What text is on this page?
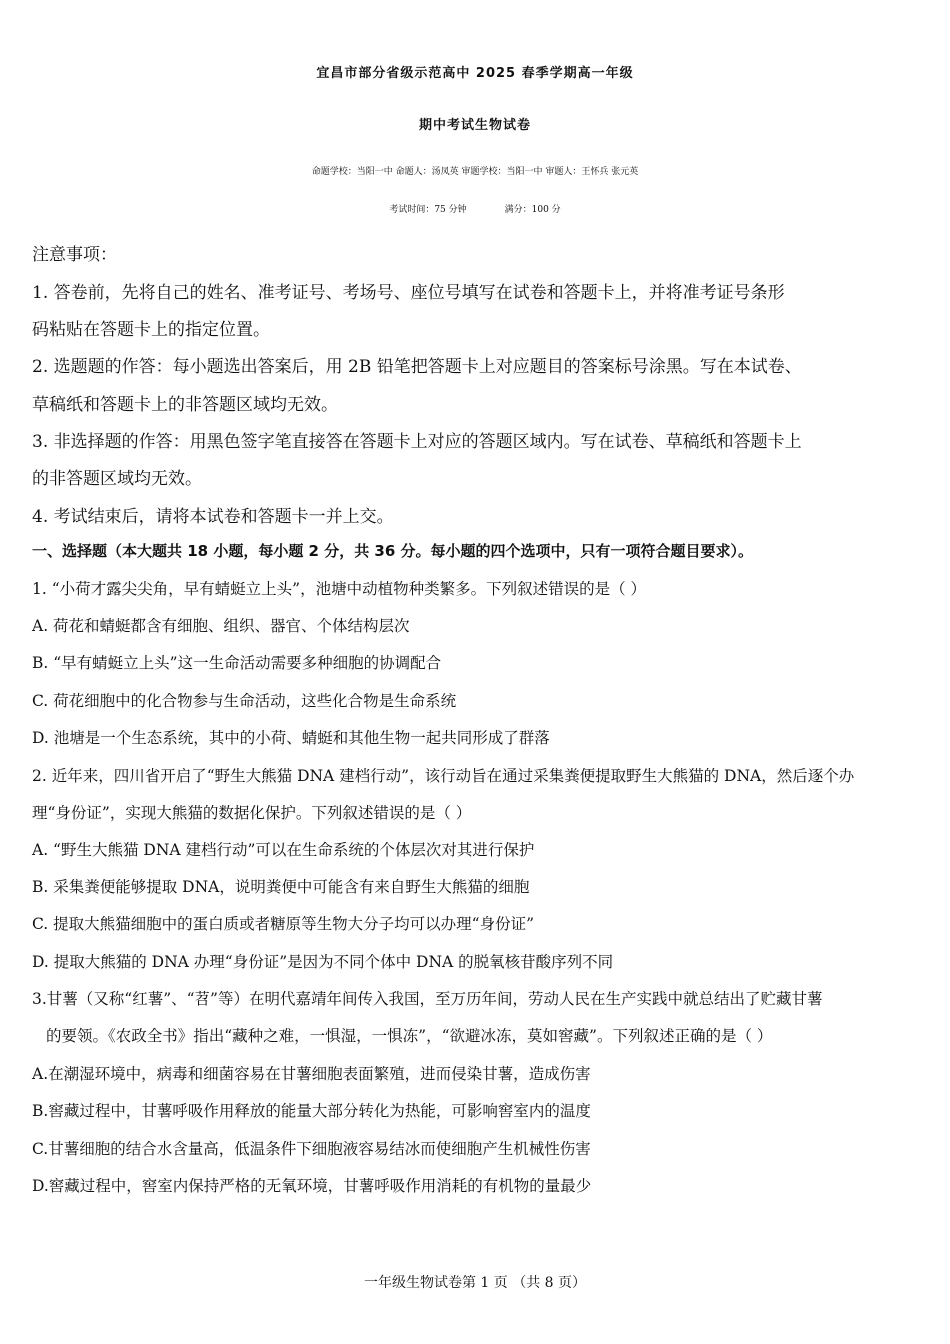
宜昌市部分省级示范高中 2025 春季学期高一年级
期中考试生物试卷
命题学校：当阳一中 命题人：汤凤英 审题学校：当阳一中 审题人：王怀兵 张元英
考试时间：75 分钟	满分：100 分
注意事项：
1. 答卷前，先将自己的姓名、准考证号、考场号、座位号填写在试卷和答题卡上，并将准考证号条形
码粘贴在答题卡上的指定位置。
2. 选题题的作答：每小题选出答案后，用 2B 铅笔把答题卡上对应题目的答案标号涂黑。写在本试卷、
草稿纸和答题卡上的非答题区域均无效。
3. 非选择题的作答：用黑色签字笔直接答在答题卡上对应的答题区域内。写在试卷、草稿纸和答题卡上
的非答题区域均无效。
4. 考试结束后，请将本试卷和答题卡一并上交。
一、选择题（本大题共 18 小题，每小题 2 分，共 36 分。每小题的四个选项中，只有一项符合题目要求）。
1. “小荷才露尖尖角，早有蜻蜓立上头”，池塘中动植物种类繁多。下列叙述错误的是（ ）
A. 荷花和蜻蜓都含有细胞、组织、器官、个体结构层次
B. “早有蜻蜓立上头”这一生命活动需要多种细胞的协调配合
C. 荷花细胞中的化合物参与生命活动，这些化合物是生命系统
D. 池塘是一个生态系统，其中的小荷、蜻蜓和其他生物一起共同形成了群落
2. 近年来，四川省开启了“野生大熊猫 DNA 建档行动”，该行动旨在通过采集粪便提取野生大熊猫的 DNA，然后逐个办
理“身份证”，实现大熊猫的数据化保护。下列叙述错误的是（ ）
A. “野生大熊猫 DNA 建档行动”可以在生命系统的个体层次对其进行保护
B. 采集粪便能够提取 DNA，说明粪便中可能含有来自野生大熊猫的细胞
C. 提取大熊猫细胞中的蛋白质或者糖原等生物大分子均可以办理“身份证”
D. 提取大熊猫的 DNA 办理“身份证”是因为不同个体中 DNA 的脱氧核苷酸序列不同
3.甘薯（又称“红薯”、“苕”等）在明代嘉靖年间传入我国，至万历年间，劳动人民在生产实践中就总结出了贮藏甘薯
的要领。《农政全书》指出“藏种之难，一惧湿，一惧冻”，“欲避冰冻，莫如窖藏”。下列叙述正确的是（ ）
A.在潮湿环境中，病毒和细菌容易在甘薯细胞表面繁殖，进而侵染甘薯，造成伤害
B.窖藏过程中，甘薯呼吸作用释放的能量大部分转化为热能，可影响窖室内的温度
C.甘薯细胞的结合水含量高，低温条件下细胞液容易结冰而使细胞产生机械性伤害
D.窖藏过程中，窖室内保持严格的无氧环境，甘薯呼吸作用消耗的有机物的量最少
一年级生物试卷第 1 页 （共 8 页）
